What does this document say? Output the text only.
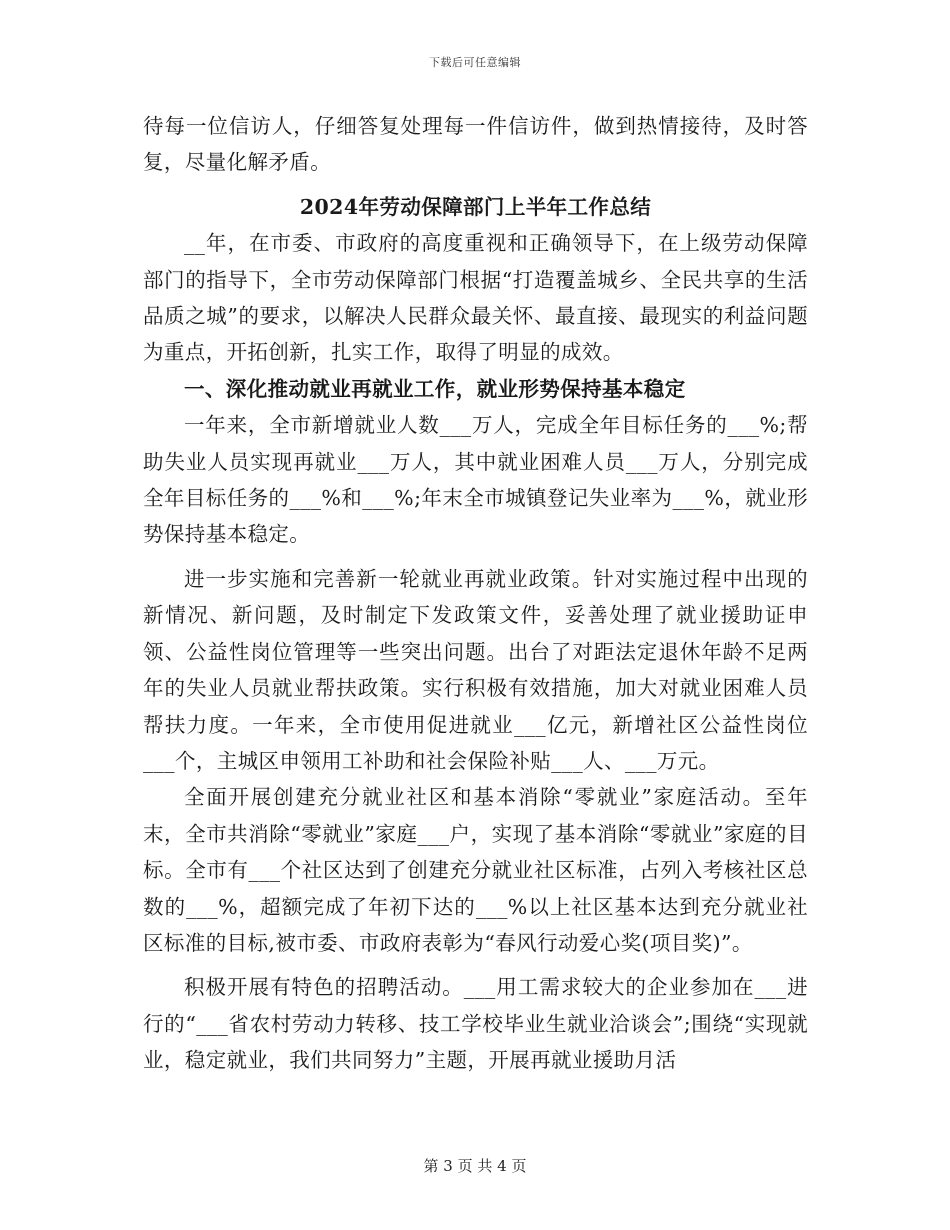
下载后可任意编辑

待每一位信访人，仔细答复处理每一件信访件，做到热情接待，及时答复，尽量化解矛盾。

2024年劳动保障部门上半年工作总结

__年，在市委、市政府的高度重视和正确领导下，在上级劳动保障部门的指导下，全市劳动保障部门根据“打造覆盖城乡、全民共享的生活品质之城”的要求，以解决人民群众最关怀、最直接、最现实的利益问题为重点，开拓创新，扎实工作，取得了明显的成效。

一、深化推动就业再就业工作，就业形势保持基本稳定

一年来，全市新增就业人数___万人，完成全年目标任务的___%;帮助失业人员实现再就业___万人，其中就业困难人员___万人，分别完成全年目标任务的___%和___%;年末全市城镇登记失业率为___%，就业形势保持基本稳定。

进一步实施和完善新一轮就业再就业政策。针对实施过程中出现的新情况、新问题，及时制定下发政策文件，妥善处理了就业援助证申领、公益性岗位管理等一些突出问题。出台了对距法定退休年龄不足两年的失业人员就业帮扶政策。实行积极有效措施，加大对就业困难人员帮扶力度。一年来，全市使用促进就业___亿元，新增社区公益性岗位___个，主城区申领用工补助和社会保险补贴___人、___万元。

全面开展创建充分就业社区和基本消除“零就业”家庭活动。至年末，全市共消除“零就业”家庭___户，实现了基本消除“零就业”家庭的目标。全市有___个社区达到了创建充分就业社区标准，占列入考核社区总数的___%，超额完成了年初下达的___%以上社区基本达到充分就业社区标准的目标,被市委、市政府表彰为“春风行动爱心奖(项目奖)”。

积极开展有特色的招聘活动。___用工需求较大的企业参加在___进行的“___省农村劳动力转移、技工学校毕业生就业洽谈会”;围绕“实现就业，稳定就业，我们共同努力”主题，开展再就业援助月活

第 3 页 共 4 页
